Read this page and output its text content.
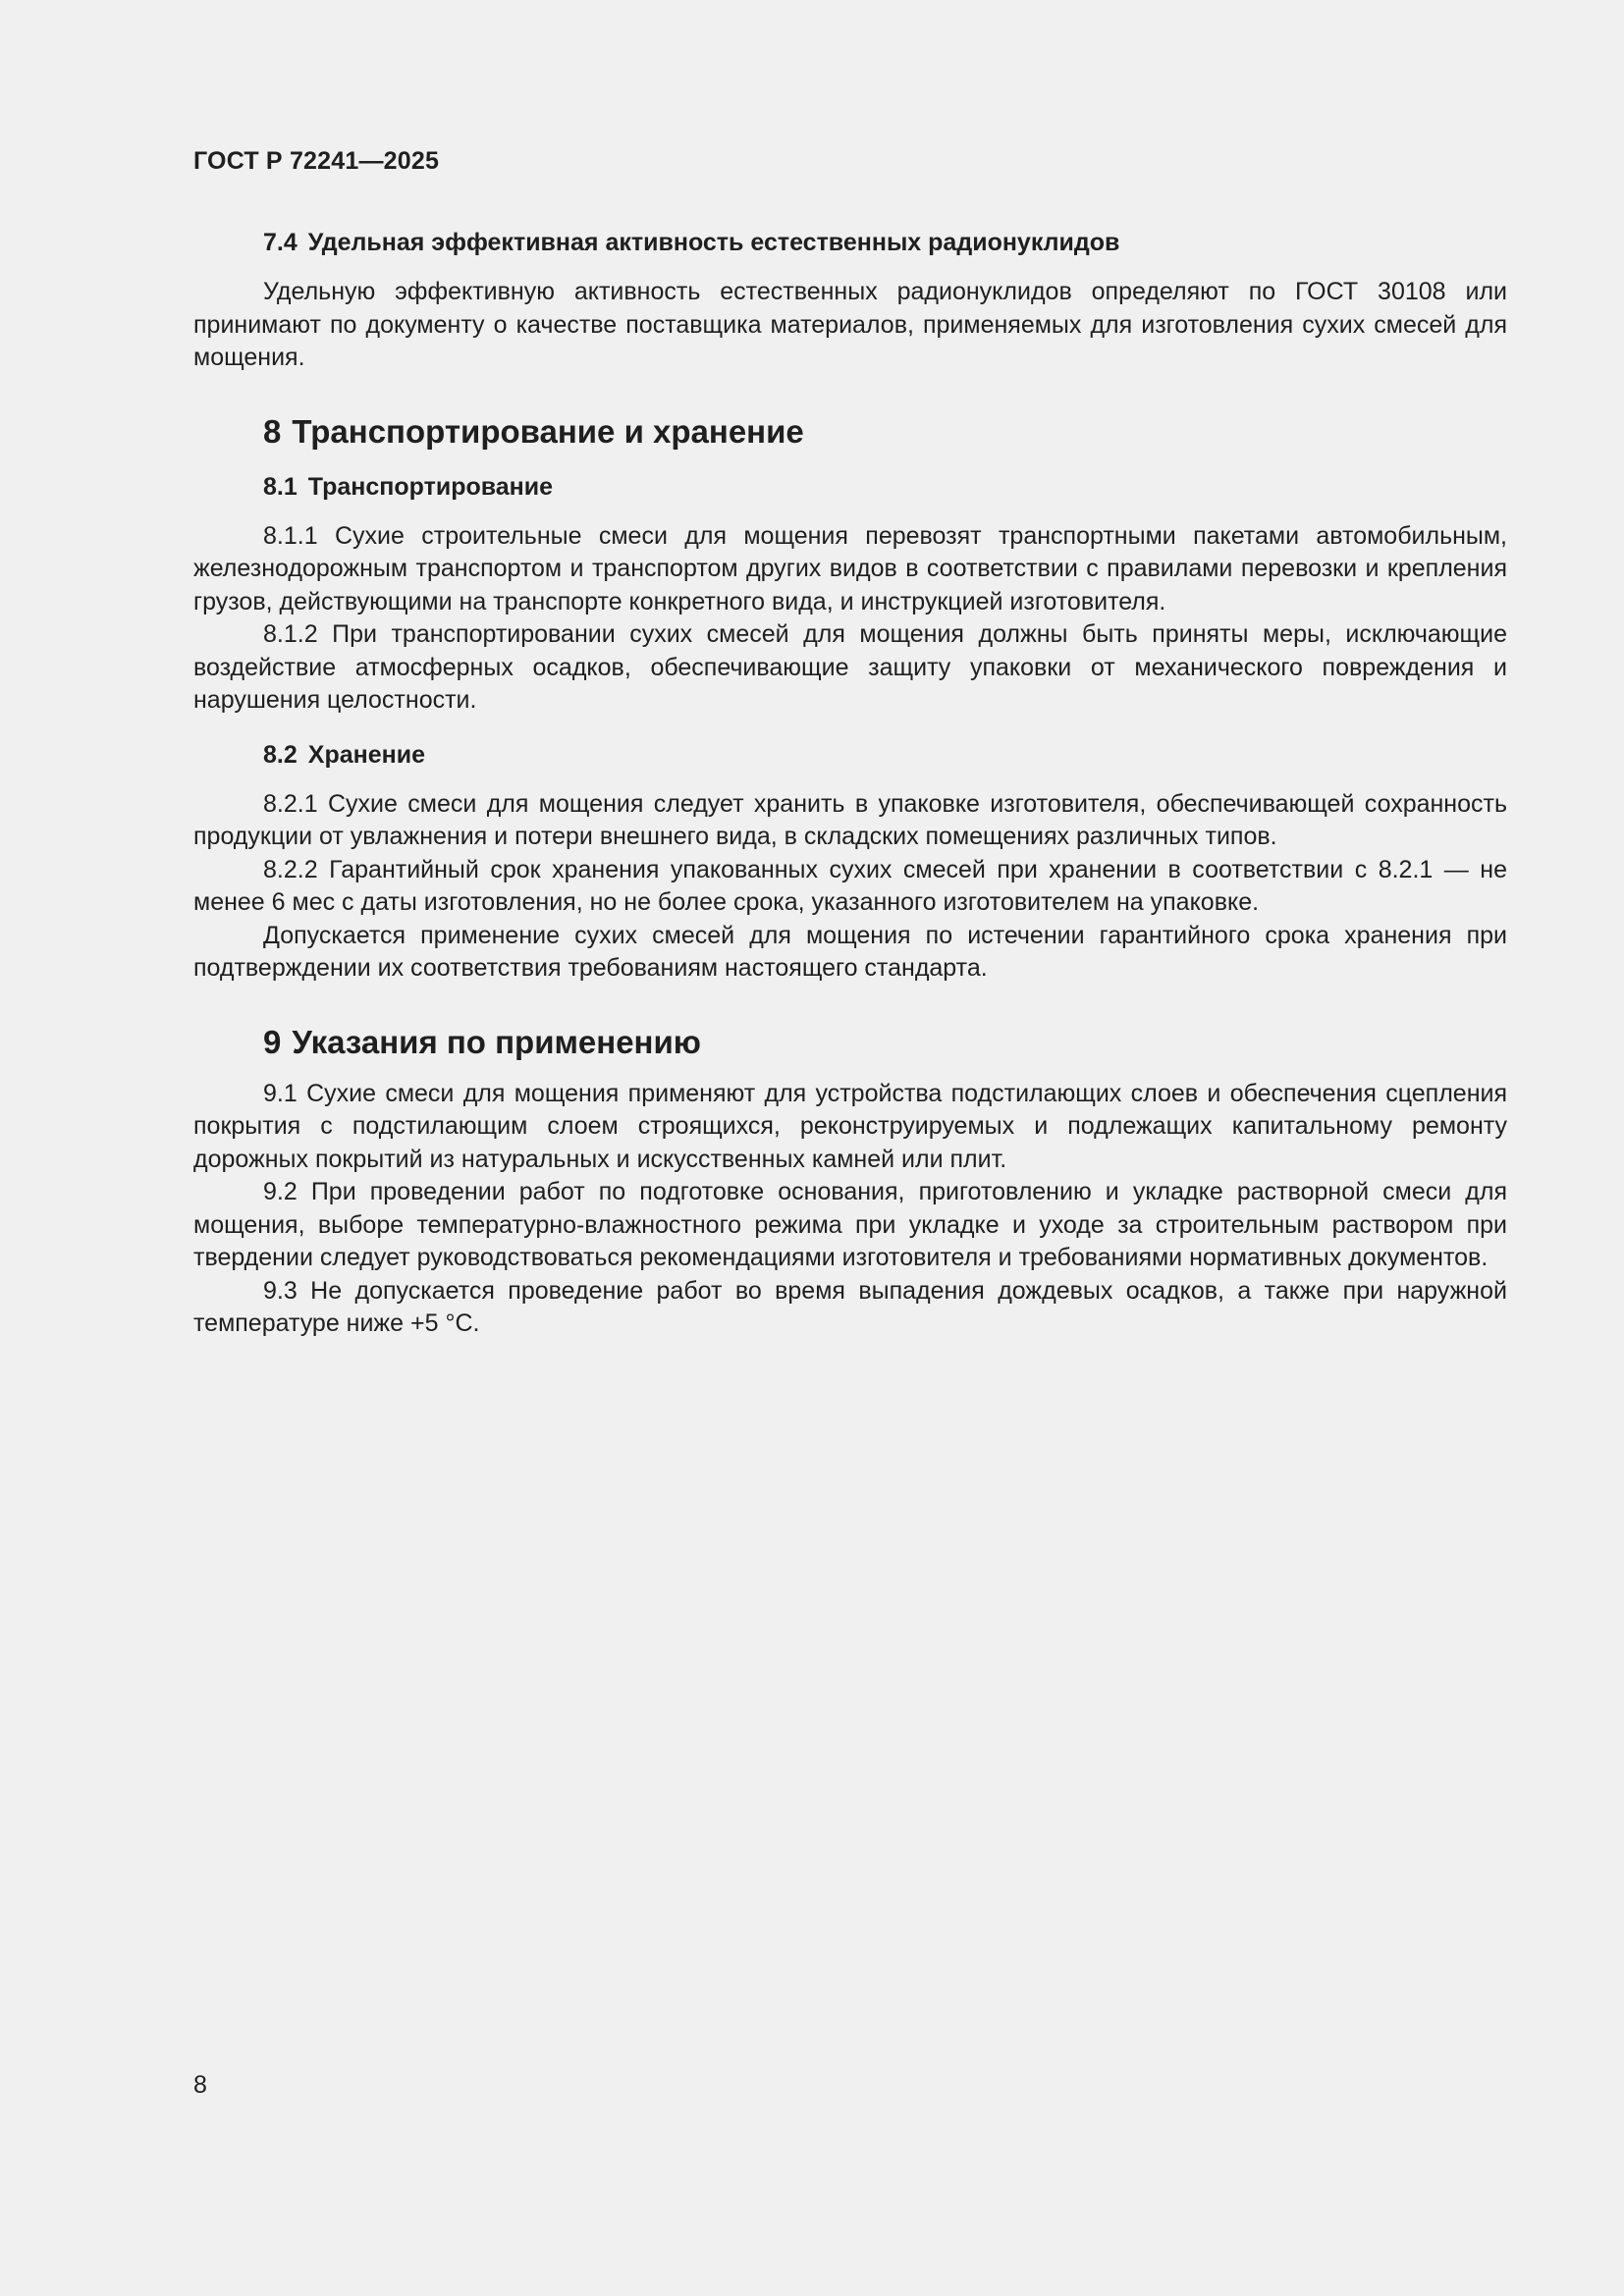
ГОСТ Р 72241—2025
7.4 Удельная эффективная активность естественных радионуклидов

Удельную эффективную активность естественных радионуклидов определяют по ГОСТ 30108 или принимают по документу о качестве поставщика материалов, применяемых для изготовления сухих смесей для мощения.

8 Транспортирование и хранение
8.1 Транспортирование

8.1.1 Сухие строительные смеси для мощения перевозят транспортными пакетами автомобильным, железнодорожным транспортом и транспортом других видов в соответствии с правилами перевозки и крепления грузов, действующими на транспорте конкретного вида, и инструкцией изготовителя.

8.1.2 При транспортировании сухих смесей для мощения должны быть приняты меры, исключающие воздействие атмосферных осадков, обеспечивающие защиту упаковки от механического повреждения и нарушения целостности.

8.2 Хранение

8.2.1 Сухие смеси для мощения следует хранить в упаковке изготовителя, обеспечивающей сохранность продукции от увлажнения и потери внешнего вида, в складских помещениях различных типов.

8.2.2 Гарантийный срок хранения упакованных сухих смесей при хранении в соответствии с 8.2.1 — не менее 6 мес с даты изготовления, но не более срока, указанного изготовителем на упаковке.

Допускается применение сухих смесей для мощения по истечении гарантийного срока хранения при подтверждении их соответствия требованиям настоящего стандарта.

9 Указания по применению

9.1 Сухие смеси для мощения применяют для устройства подстилающих слоев и обеспечения сцепления покрытия с подстилающим слоем строящихся, реконструируемых и подлежащих капитальному ремонту дорожных покрытий из натуральных и искусственных камней или плит.

9.2 При проведении работ по подготовке основания, приготовлению и укладке растворной смеси для мощения, выборе температурно-влажностного режима при укладке и уходе за строительным раствором при твердении следует руководствоваться рекомендациями изготовителя и требованиями нормативных документов.

9.3 Не допускается проведение работ во время выпадения дождевых осадков, а также при наружной температуре ниже +5 °С.

8
